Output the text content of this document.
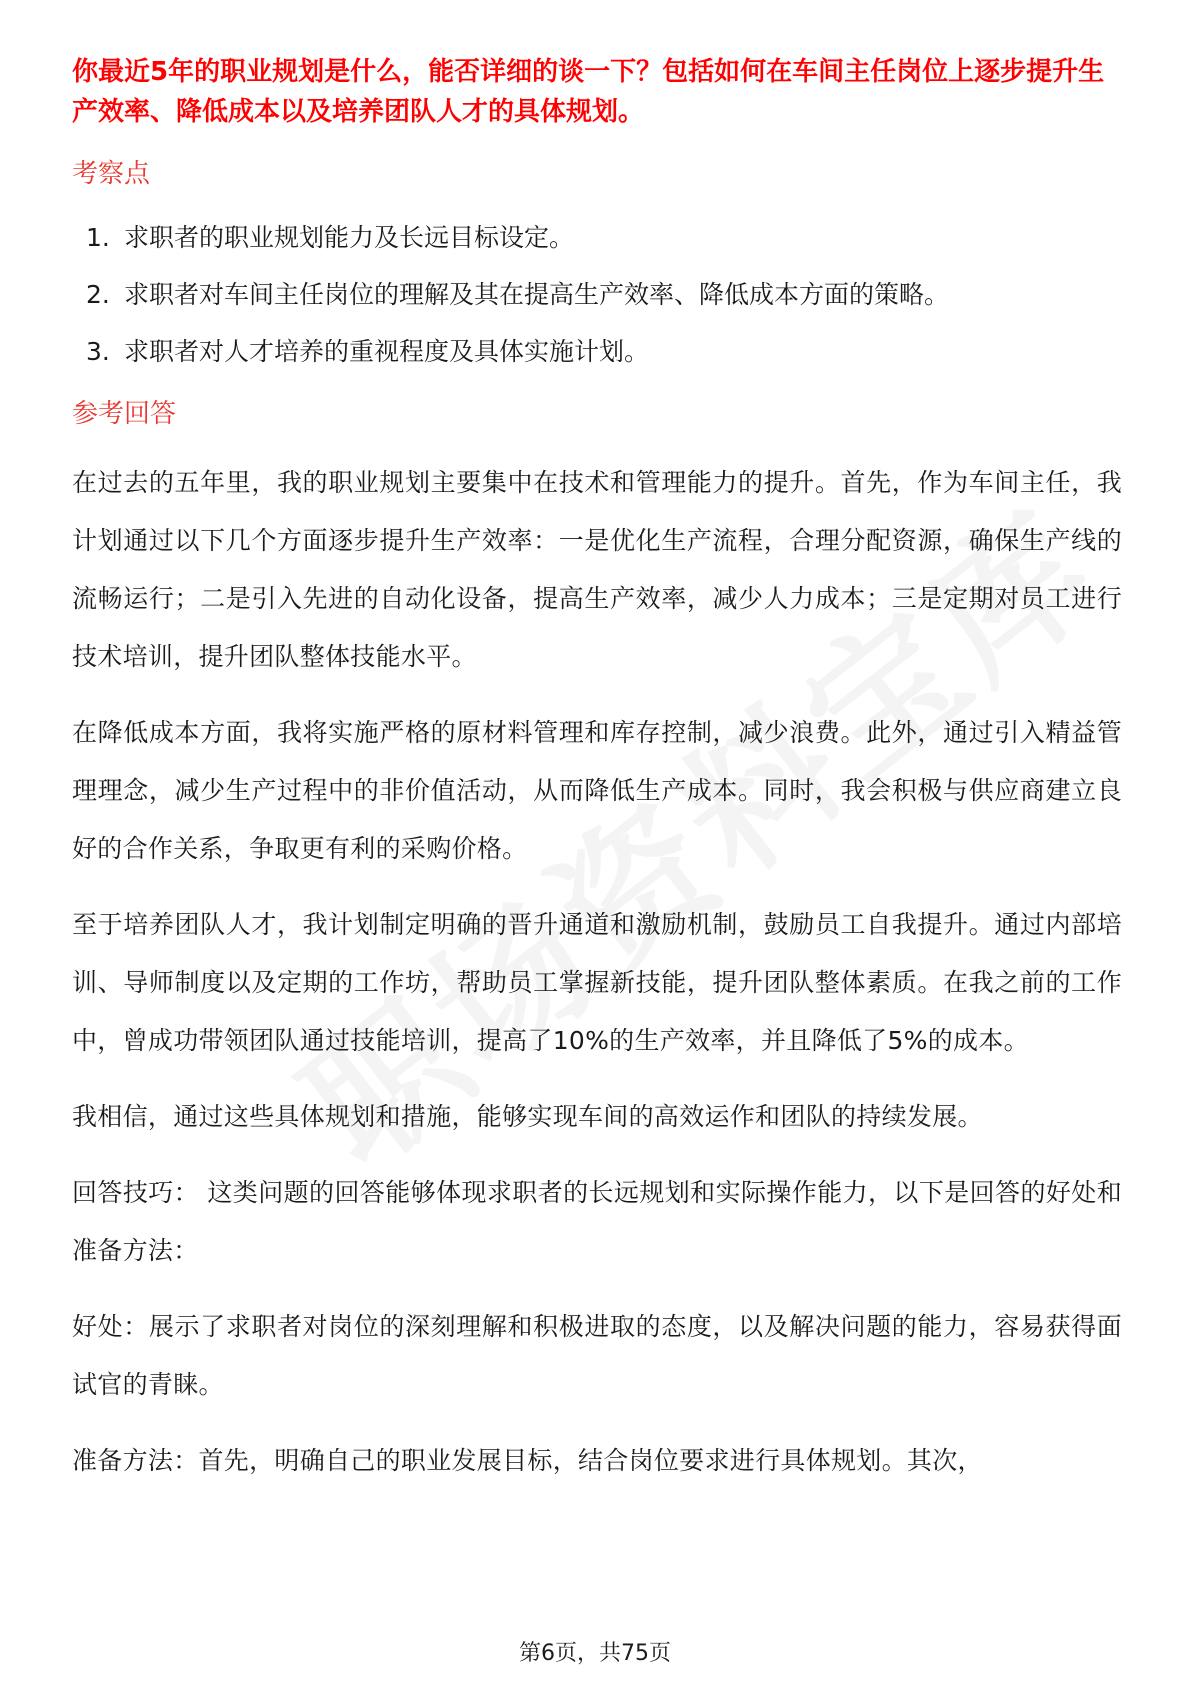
你最近5年的职业规划是什么，能否详细的谈一下？包括如何在车间主任岗位上逐步提升生产效率、降低成本以及培养团队人才的具体规划。

考察点
1. 求职者的职业规划能力及长远目标设定。
2. 求职者对车间主任岗位的理解及其在提高生产效率、降低成本方面的策略。
3. 求职者对人才培养的重视程度及具体实施计划。
参考回答

在过去的五年里，我的职业规划主要集中在技术和管理能力的提升。首先，作为车间主任，我计划通过以下几个方面逐步提升生产效率：一是优化生产流程，合理分配资源，确保生产线的流畅运行；二是引入先进的自动化设备，提高生产效率，减少人力成本；三是定期对员工进行技术培训，提升团队整体技能水平。

在降低成本方面，我将实施严格的原材料管理和库存控制，减少浪费。此外，通过引入精益管理理念，减少生产过程中的非价值活动，从而降低生产成本。同时，我会积极与供应商建立良好的合作关系，争取更有利的采购价格。

至于培养团队人才，我计划制定明确的晋升通道和激励机制，鼓励员工自我提升。通过内部培训、导师制度以及定期的工作坊，帮助员工掌握新技能，提升团队整体素质。在我之前的工作中，曾成功带领团队通过技能培训，提高了10%的生产效率，并且降低了5%的成本。

我相信，通过这些具体规划和措施，能够实现车间的高效运作和团队的持续发展。

回答技巧： 这类问题的回答能够体现求职者的长远规划和实际操作能力，以下是回答的好处和准备方法：

好处：展示了求职者对岗位的深刻理解和积极进取的态度，以及解决问题的能力，容易获得面试官的青睐。

准备方法：首先，明确自己的职业发展目标，结合岗位要求进行具体规划。其次，

第6页，共75页
